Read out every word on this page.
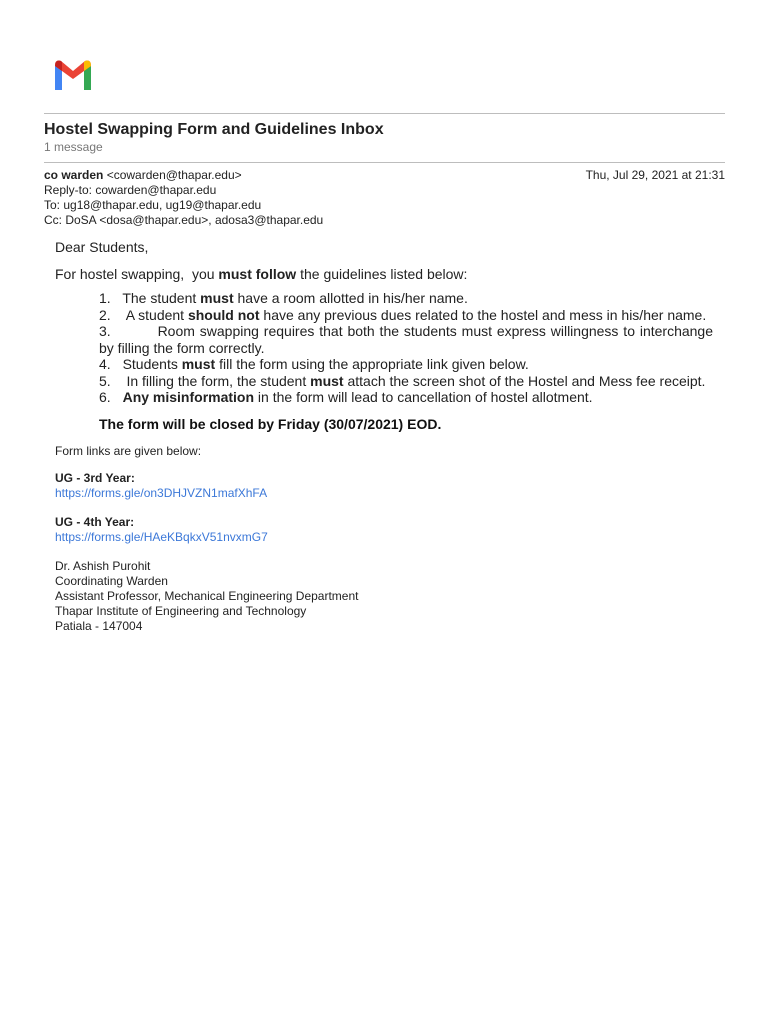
Hostel Swapping Form and Guidelines Inbox
1 message
co warden <cowarden@thapar.edu>
Reply-to: cowarden@thapar.edu
To: ug18@thapar.edu, ug19@thapar.edu
Cc: DoSA <dosa@thapar.edu>, adosa3@thapar.edu
Thu, Jul 29, 2021 at 21:31

Dear Students,

For hostel swapping,  you must follow the guidelines listed below:

1. The student must have a room allotted in his/her name.

2.  A student should not have any previous dues related to the hostel and mess in his/her name.

3.        Room swapping requires that both the students must express willingness to interchange by filling the form correctly.

4. Students must fill the form using the appropriate link given below.

5.  In filling the form, the student must attach the screen shot of the Hostel and Mess fee receipt.

6. Any misinformation in the form will lead to cancellation of hostel allotment.

The form will be closed by Friday (30/07/2021) EOD.

Form links are given below:

UG - 3rd Year:
https://forms.gle/on3DHJVZN1mafXhFA
UG - 4th Year:
https://forms.gle/HAeKBqkxV51nvxmG7
Dr. Ashish Purohit
Coordinating Warden
Assistant Professor, Mechanical Engineering Department
Thapar Institute of Engineering and Technology
Patiala - 147004
